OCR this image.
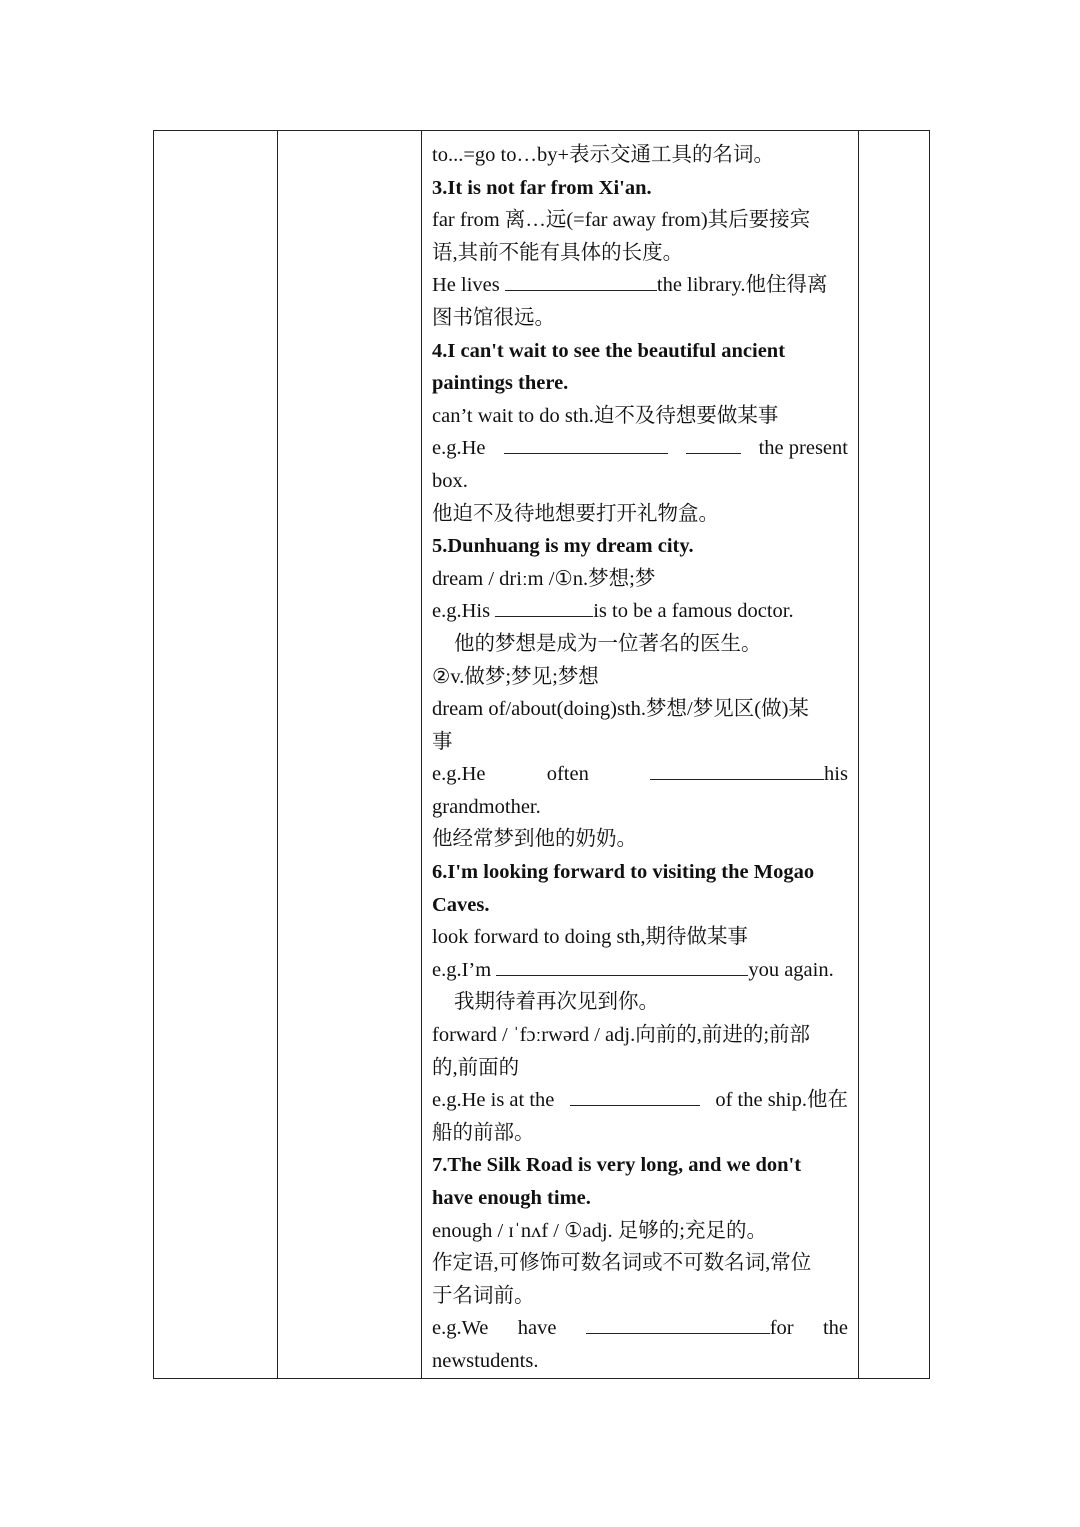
to...=go to…by+表示交通工具的名词。
3.It is not far from Xi'an.
far from 离…远(=far away from)其后要接宾
语,其前不能有具体的长度。
He lives	the library.他住得离
图书馆很远。
4.I can't wait to see the beautiful ancient
paintings there.
can’t wait to do sth.迫不及待想要做某事
e.g.He	the present
box.
他迫不及待地想要打开礼物盒。
5.Dunhuang is my dream city.
dream / driːm /①n.梦想;梦
e.g.His	is to be a famous doctor.
他的梦想是成为一位著名的医生。
②v.做梦;梦见;梦想
dream of/about(doing)sth.梦想/梦见区(做)某
事
e.g.He	often	his
grandmother.
他经常梦到他的奶奶。
6.I'm looking forward to visiting the Mogao
Caves.
look forward to doing sth,期待做某事
e.g.I’m	you again.
我期待着再次见到你。
forward / ˈfɔːrwərd / adj.向前的,前进的;前部
的,前面的
e.g.He is at the	of the ship.他在
船的前部。
7.The Silk Road is very long, and we don't
have enough time.
enough / ɪˈnʌf / ①adj. 足够的;充足的。
作定语,可修饰可数名词或不可数名词,常位
于名词前。
e.g.We have	for the
newstudents.
